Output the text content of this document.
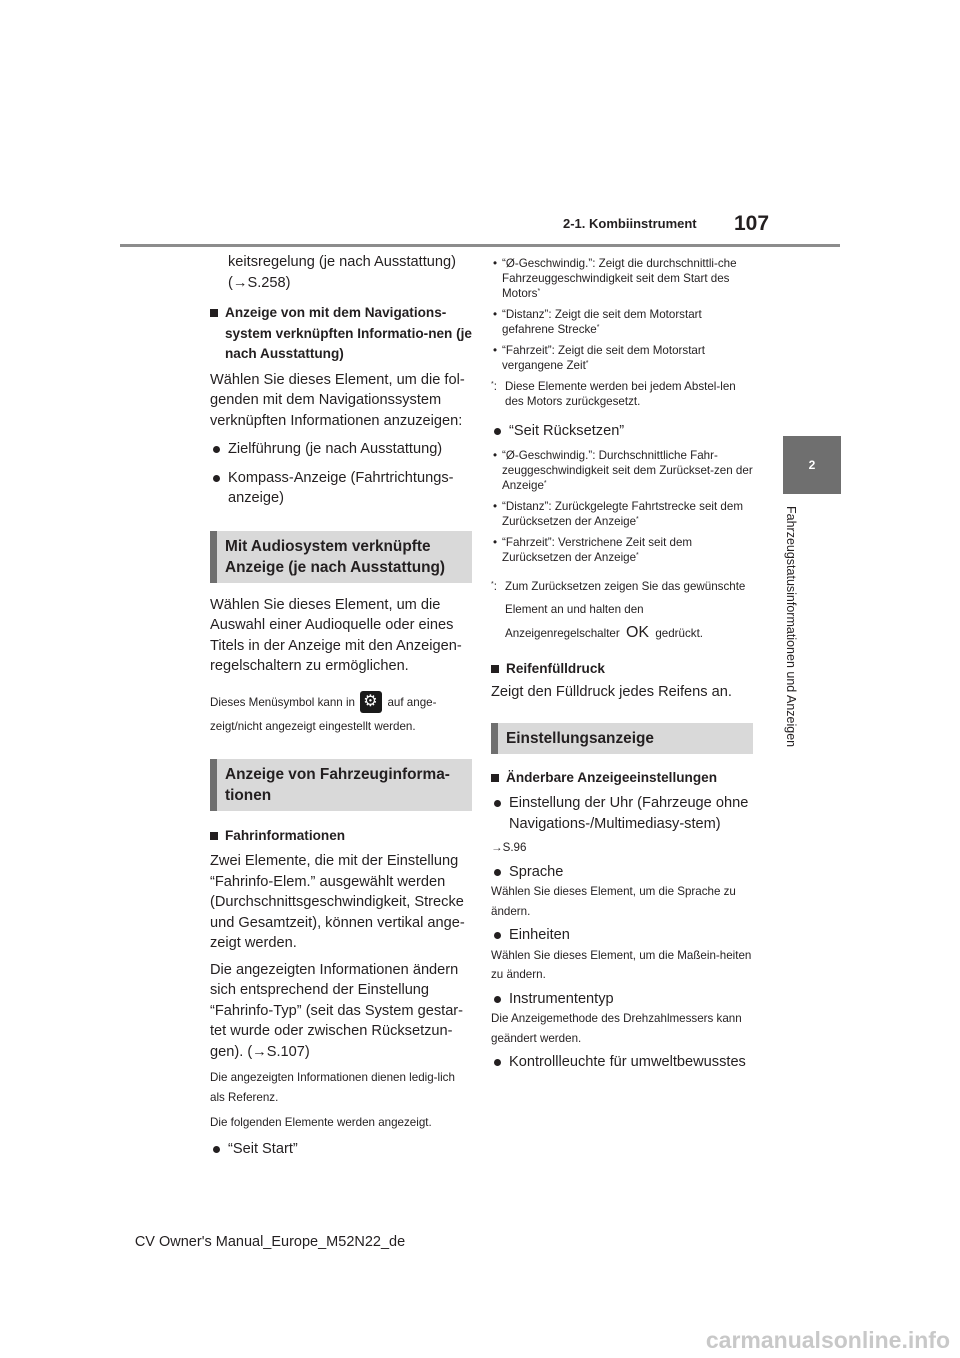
2-1. Kombiinstrument 107
2
Fahrzeugstatusinformationen und Anzeigen

keitsregelung (je nach Ausstattung) (→S.258)

Anzeige von mit dem Navigations-system verknüpften Informatio-nen (je nach Ausstattung)

Wählen Sie dieses Element, um die fol-genden mit dem Navigationssystem verknüpften Informationen anzuzeigen:

Zielführung (je nach Ausstattung)
Kompass-Anzeige (Fahrtrichtungs-anzeige)
Mit Audiosystem verknüpfte Anzeige (je nach Ausstattung)

Wählen Sie dieses Element, um die Auswahl einer Audioquelle oder eines Titels in der Anzeige mit den Anzeigen-regelschaltern zu ermöglichen.

Dieses Menüsymbol kann in ⚙	auf ange-zeigt/nicht angezeigt eingestellt werden.

Anzeige von Fahrzeuginforma-tionen
Fahrinformationen

Zwei Elemente, die mit der Einstellung “Fahrinfo-Elem.” ausgewählt werden (Durchschnittsgeschwindigkeit, Strecke und Gesamtzeit), können vertikal ange-zeigt werden.

Die angezeigten Informationen ändern sich entsprechend der Einstellung “Fahrinfo-Typ” (seit das System gestar-tet wurde oder zwischen Rücksetzun-gen). (→S.107)

Die angezeigten Informationen dienen ledig-lich als Referenz.

Die folgenden Elemente werden angezeigt.

“Seit Start”
• “Ø-Geschwindig.”: Zeigt die durchschnittli-che Fahrzeuggeschwindigkeit seit dem Start des Motors*
• “Distanz”: Zeigt die seit dem Motorstart gefahrene Strecke*
• “Fahrzeit”: Zeigt die seit dem Motorstart vergangene Zeit*
*: Diese Elemente werden bei jedem Abstel-len des Motors zurückgesetzt.
“Seit Rücksetzen”
• “Ø-Geschwindig.”: Durchschnittliche Fahr-zeuggeschwindigkeit seit dem Zurückset-zen der Anzeige*
• “Distanz”: Zurückgelegte Fahrtstrecke seit dem Zurücksetzen der Anzeige*
• “Fahrzeit”: Verstrichene Zeit seit dem Zurücksetzen der Anzeige*
*: Zum Zurücksetzen zeigen Sie das gewünschte Element an und halten den Anzeigenregelschalter OK gedrückt.
Reifenfülldruck

Zeigt den Fülldruck jedes Reifens an.

Einstellungsanzeige
Änderbare Anzeigeeinstellungen
Einstellung der Uhr (Fahrzeuge ohne Navigations-/Multimediasy-stem)

→S.96

Sprache

Wählen Sie dieses Element, um die Sprache zu ändern.

Einheiten

Wählen Sie dieses Element, um die Maßein-heiten zu ändern.

Instrumententyp

Die Anzeigemethode des Drehzahlmessers kann geändert werden.

Kontrollleuchte für umweltbewusstes
CV Owner's Manual_Europe_M52N22_de
carmanualsonline.info
